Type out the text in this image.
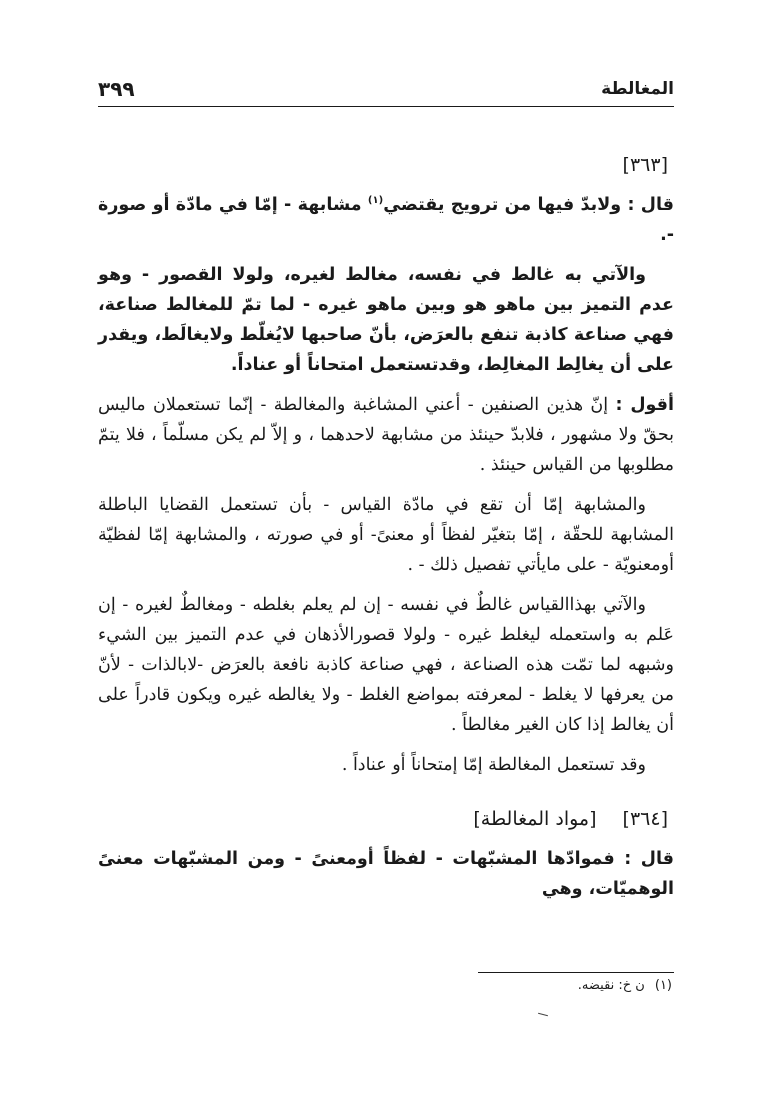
المغالطة
٣٩٩
[٣٦٣]

قال : ولابدّ فيها من ترويج يقتضي$^{(١)}$ مشابهة - إمّا في مادّة أو صورة -.

والآتي به غالط في نفسه، مغالط لغيره، ولولا القصور - وهو عدم التميز بين ماهو هو وبين ماهو غيره - لما تمّ للمغالط صناعة، فهي صناعة كاذبة تنفع بالعرَض، بأنّ صاحبها لايُغلّط ولايغالَط، ويقدر على أن يغالِط المغالِط، وقدتستعمل امتحاناً أو عناداً.

أقول : إنّ هذين الصنفين - أعني المشاغبة والمغالطة - إنّما تستعملان ماليس بحقّ ولا مشهور ، فلابدّ حينئذ من مشابهة لاحدهما ، و إلاّ لم يكن مسلّماً ، فلا يتمّ مطلوبها من القياس حينئذ .

والمشابهة إمّا أن تقع في مادّة القياس - بأن تستعمل القضايا الباطلة المشابهة للحقّة ، إمّا بتغيّر لفظاً أو معنىً- أو في صورته ، والمشابهة إمّا لفظيّة أومعنويّة - على مايأتي تفصيل ذلك - .

والآتي بهذاالقياس غالطٌ في نفسه - إن لم يعلم بغلطه - ومغالطٌ لغيره - إن عَلم به واستعمله ليغلط غيره - ولولا قصورالأذهان في عدم التميز بين الشيء وشبهه لما تمّت هذه الصناعة ، فهي صناعة كاذبة نافعة بالعرَض -لابالذات - لأنّ من يعرفها لا يغلط - لمعرفته بمواضع الغلط - ولا يغالطه غيره ويكون قادراً على أن يغالط إذا كان الغير مغالطاً .

وقد تستعمل المغالطة إمّا إمتحاناً أو عناداً .

[٣٦٤][مواد المغالطة]

قال : فموادّها المشبّهات - لفظاً أومعنىً - ومن المشبّهات معنىً الوهميّات، وهي

(١)ن خ: نقيضه.
